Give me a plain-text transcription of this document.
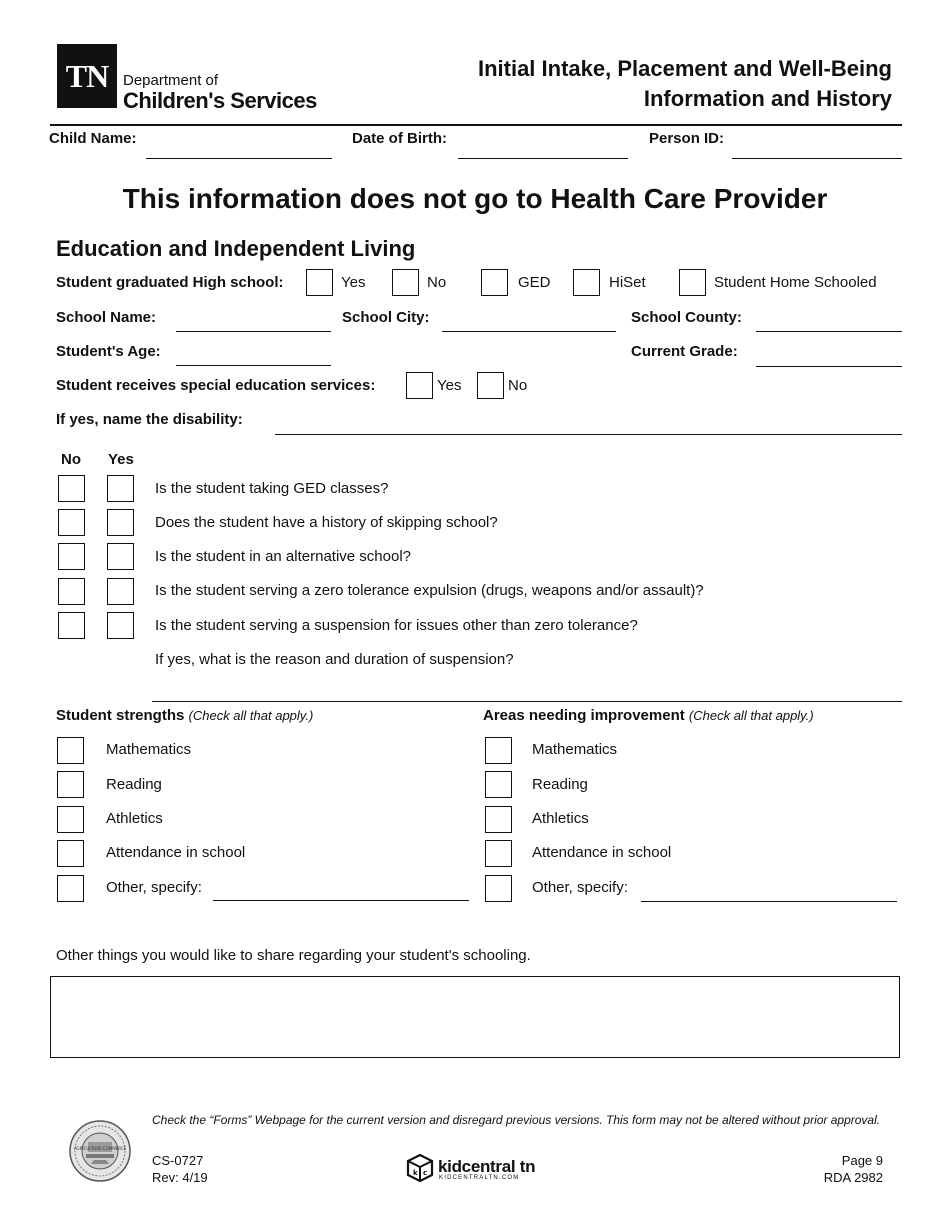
TN Department of
Children's Services
Initial Intake, Placement and Well-Being
Information and History
Child Name:	Date of Birth:	Person ID:
This information does not go to Health Care Provider
Education and Independent Living
Student graduated High school:	Yes	No	GED	HiSet	Student Home Schooled
School Name:	School City:	School County:
Student's Age:	Current Grade:
Student receives special education services:	Yes	No
If yes, name the disability:
No Yes
Is the student taking GED classes?
Does the student have a history of skipping school?
Is the student in an alternative school?
Is the student serving a zero tolerance expulsion (drugs, weapons and/or assault)?
Is the student serving a suspension for issues other than zero tolerance?
If yes, what is the reason and duration of suspension?
Student strengths (Check all that apply.)
Mathematics
Reading
Athletics
Attendance in school
Other, specify:
Areas needing improvement (Check all that apply.)
Mathematics
Reading
Athletics
Attendance in school
Other, specify:
Other things you would like to share regarding your student's schooling.
AGRICULTURE COMMERCE
Check the “Forms” Webpage for the current version and disregard previous versions. This form may not be altered without prior approval.
CS-0727
Rev: 4/19	k c kidcentral tn
KIDCENTRALTN.COM
Page 9
RDA 2982
